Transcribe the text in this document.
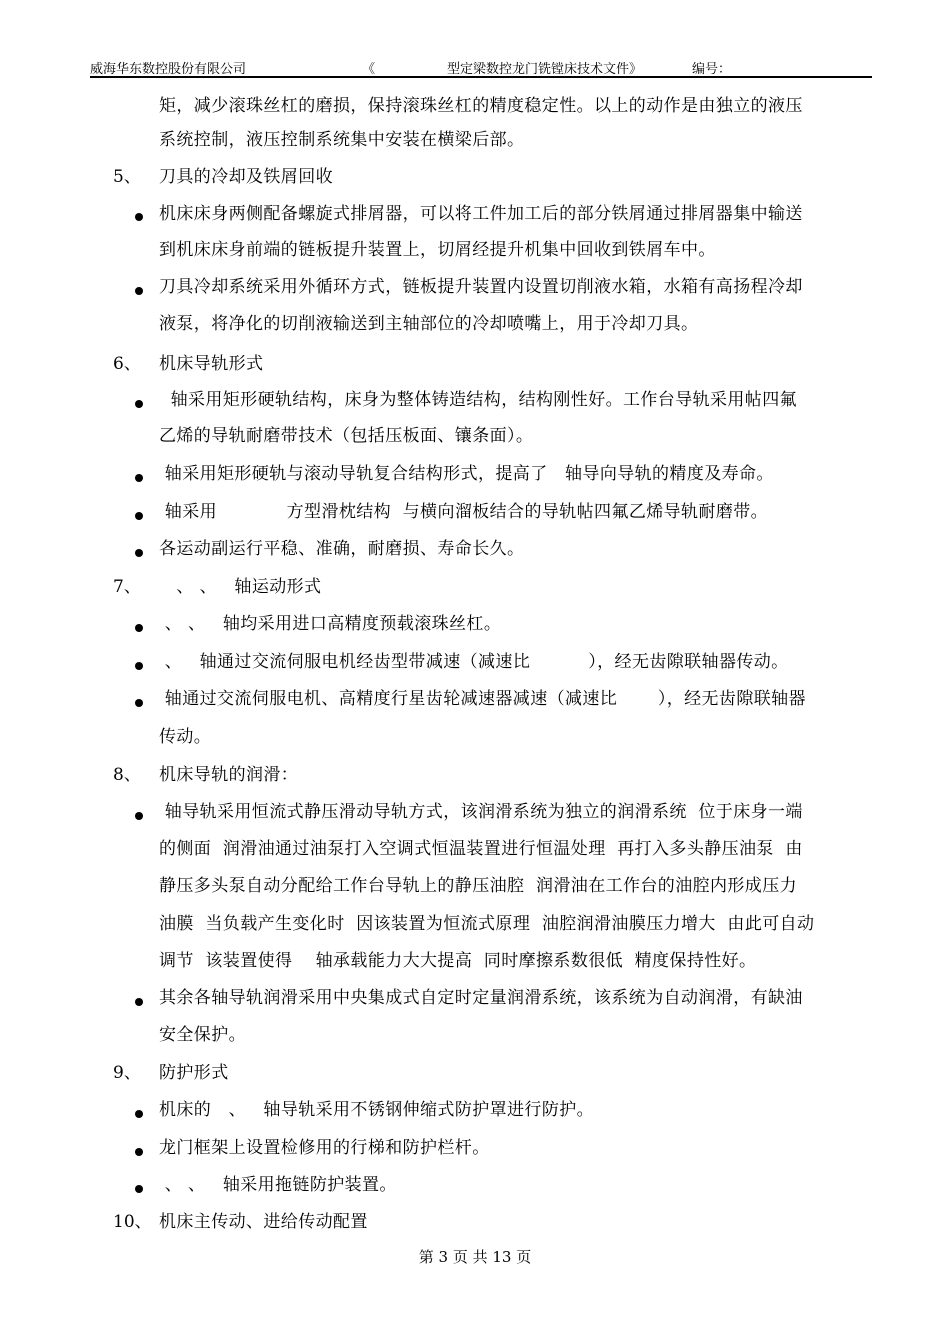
威海华东数控股份有限公司	《	型定梁数控龙门铣镗床技术文件》	编号：
矩，减少滚珠丝杠的磨损，保持滚珠丝杠的精度稳定性。以上的动作是由独立的液压
系统控制，液压控制系统集中安装在横梁后部。
5、 刀具的冷却及铁屑回收
机床床身两侧配备螺旋式排屑器，可以将工件加工后的部分铁屑通过排屑器集中输送
到机床床身前端的链板提升装置上，切屑经提升机集中回收到铁屑车中。
刀具冷却系统采用外循环方式，链板提升装置内设置切削液水箱，水箱有高扬程冷却
液泵，将净化的切削液输送到主轴部位的冷却喷嘴上，用于冷却刀具。
6、 机床导轨形式
轴采用矩形硬轨结构，床身为整体铸造结构，结构刚性好。工作台导轨采用帖四氟
乙烯的导轨耐磨带技术（包括压板面、镶条面）。
轴采用矩形硬轨与滚动导轨复合结构形式，提高了   轴导向导轨的精度及寿命。
轴采用            方型滑枕结构  与横向溜板结合的导轨帖四氟乙烯导轨耐磨带。
各运动副运行平稳、准确，耐磨损、寿命长久。
7、 、 、   轴运动形式
、 、   轴均采用进口高精度预载滚珠丝杠。
、   轴通过交流伺服电机经齿型带减速（减速比          ），经无齿隙联轴器传动。
轴通过交流伺服电机、高精度行星齿轮减速器减速（减速比       ），经无齿隙联轴器
传动。
8、 机床导轨的润滑：
轴导轨采用恒流式静压滑动导轨方式，该润滑系统为独立的润滑系统  位于床身一端
的侧面  润滑油通过油泵打入空调式恒温装置进行恒温处理  再打入多头静压油泵  由
静压多头泵自动分配给工作台导轨上的静压油腔  润滑油在工作台的油腔内形成压力
油膜  当负载产生变化时  因该装置为恒流式原理  油腔润滑油膜压力增大  由此可自动
调节  该装置使得    轴承载能力大大提高  同时摩擦系数很低  精度保持性好。
其余各轴导轨润滑采用中央集成式自定时定量润滑系统，该系统为自动润滑，有缺油
安全保护。
9、 防护形式
机床的   、   轴导轨采用不锈钢伸缩式防护罩进行防护。
龙门框架上设置检修用的行梯和防护栏杆。
、 、   轴采用拖链防护装置。
10、 机床主传动、进给传动配置
第 3 页 共 13 页
